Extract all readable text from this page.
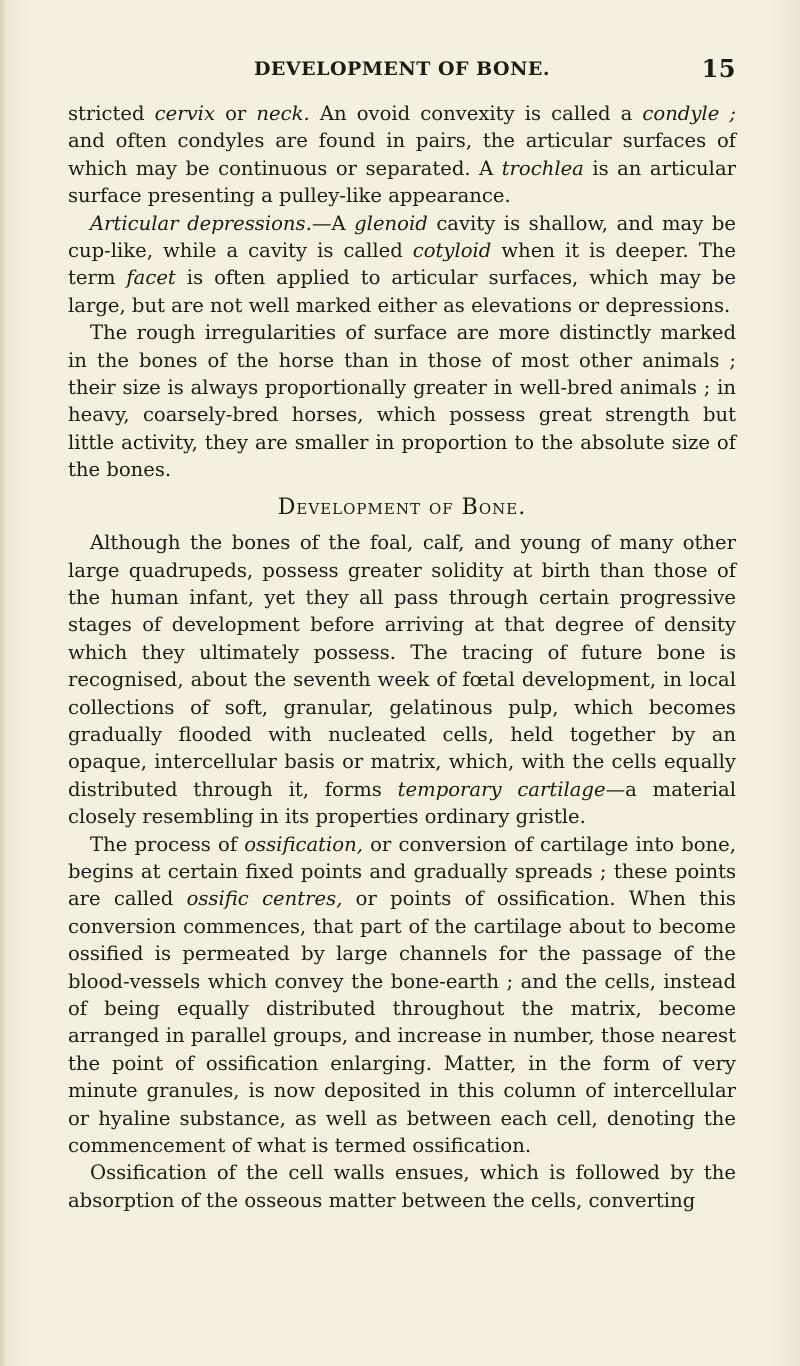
DEVELOPMENT OF BONE.	15

stricted cervix or neck. An ovoid convexity is called a condyle ; and often condyles are found in pairs, the articular surfaces of which may be continuous or separated. A trochlea is an articular surface presenting a pulley-like appearance.

Articular depressions.—A glenoid cavity is shallow, and may be cup-like, while a cavity is called cotyloid when it is deeper. The term facet is often applied to articular surfaces, which may be large, but are not well marked either as elevations or depressions.

The rough irregularities of surface are more distinctly marked in the bones of the horse than in those of most other animals ; their size is always proportionally greater in well-bred animals ; in heavy, coarsely-bred horses, which possess great strength but little activity, they are smaller in proportion to the absolute size of the bones.

Development of Bone.

Although the bones of the foal, calf, and young of many other large quadrupeds, possess greater solidity at birth than those of the human infant, yet they all pass through certain progressive stages of development before arriving at that degree of density which they ultimately possess. The tracing of future bone is recognised, about the seventh week of fœtal development, in local collections of soft, granular, gelatinous pulp, which becomes gradually flooded with nucleated cells, held together by an opaque, intercellular basis or matrix, which, with the cells equally distributed through it, forms temporary cartilage—a material closely resembling in its properties ordinary gristle.

The process of ossification, or conversion of cartilage into bone, begins at certain fixed points and gradually spreads ; these points are called ossific centres, or points of ossification. When this conversion commences, that part of the cartilage about to become ossified is permeated by large channels for the passage of the blood-vessels which convey the bone-earth ; and the cells, instead of being equally distributed throughout the matrix, become arranged in parallel groups, and increase in number, those nearest the point of ossification enlarging. Matter, in the form of very minute granules, is now deposited in this column of intercellular or hyaline substance, as well as between each cell, denoting the commencement of what is termed ossification.

Ossification of the cell walls ensues, which is followed by the absorption of the osseous matter between the cells, converting
